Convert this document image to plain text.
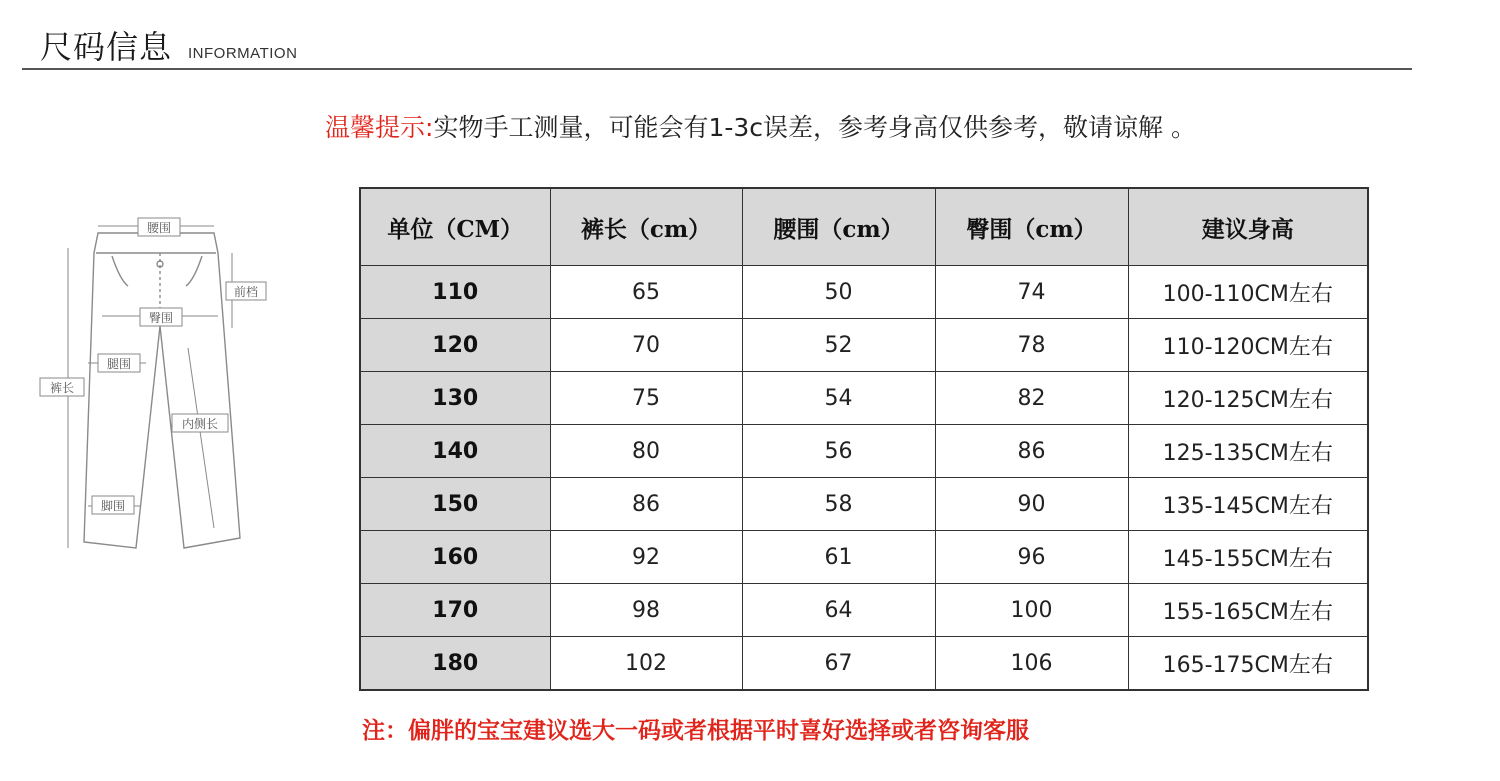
尺码信息 INFORMATION
温馨提示:实物手工测量，可能会有1-3c误差，参考身高仅供参考，敬请谅解 。
腰围
前档
臀围
腿围
裤长
内侧长
脚围
单位（CM）	裤长（cm）	腰围（cm）	臀围（cm）	建议身高
110	65	50	74	100-110CM左右
120	70	52	78	110-120CM左右
130	75	54	82	120-125CM左右
140	80	56	86	125-135CM左右
150	86	58	90	135-145CM左右
160	92	61	96	145-155CM左右
170	98	64	100	155-165CM左右
180	102	67	106	165-175CM左右
注：偏胖的宝宝建议选大一码或者根据平时喜好选择或者咨询客服
